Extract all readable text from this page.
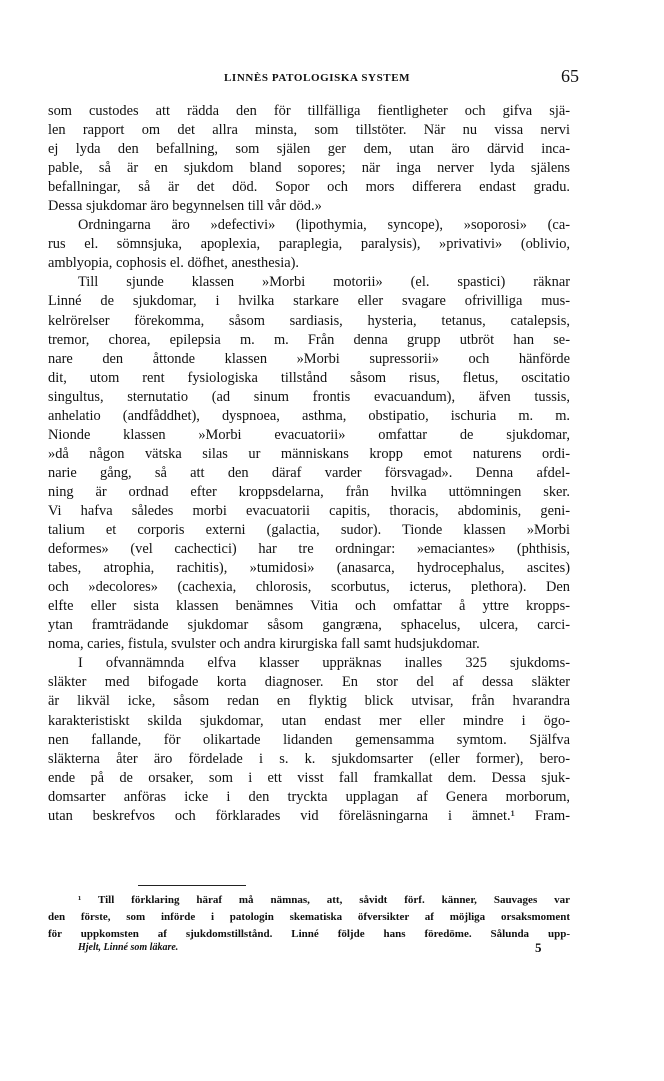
LINNÈS PATOLOGISKA SYSTEM	65
som custodes att rädda den för tillfälliga fientligheter och gifva sjä-
len rapport om det allra minsta, som tillstöter. När nu vissa nervi
ej lyda den befallning, som själen ger dem, utan äro därvid inca-
pable, så är en sjukdom bland sopores; när inga nerver lyda själens
befallningar, så är det död. Sopor och mors differera endast gradu.
Dessa sjukdomar äro begynnelsen till vår död.»
Ordningarna äro »defectivi» (lipothymia, syncope), »soporosi» (ca-
rus el. sömnsjuka, apoplexia, paraplegia, paralysis), »privativi» (oblivio,
amblyopia, cophosis el. döfhet, anesthesia).
Till sjunde klassen »Morbi motorii» (el. spastici) räknar
Linné de sjukdomar, i hvilka starkare eller svagare ofrivilliga mus-
kelrörelser förekomma, såsom sardiasis, hysteria, tetanus, catalepsis,
tremor, chorea, epilepsia m. m. Från denna grupp utbröt han se-
nare den åttonde klassen »Morbi supressorii» och hänförde
dit, utom rent fysiologiska tillstånd såsom risus, fletus, oscitatio
singultus, sternutatio (ad sinum frontis evacuandum), äfven tussis,
anhelatio (andfåddhet), dyspnoea, asthma, obstipatio, ischuria m. m.
Nionde klassen »Morbi evacuatorii» omfattar de sjukdomar,
»då någon vätska silas ur människans kropp emot naturens ordi-
narie gång, så att den däraf varder försvagad». Denna afdel-
ning är ordnad efter kroppsdelarna, från hvilka uttömningen sker.
Vi hafva således morbi evacuatorii capitis, thoracis, abdominis, geni-
talium et corporis externi (galactia, sudor). Tionde klassen »Morbi
deformes» (vel cachectici) har tre ordningar: »emaciantes» (phthisis,
tabes, atrophia, rachitis), »tumidosi» (anasarca, hydrocephalus, ascites)
och »decolores» (cachexia, chlorosis, scorbutus, icterus, plethora). Den
elfte eller sista klassen benämnes Vitia och omfattar å yttre kropps-
ytan framträdande sjukdomar såsom gangræna, sphacelus, ulcera, carci-
noma, caries, fistula, svulster och andra kirurgiska fall samt hudsjukdomar.
I ofvannämnda elfva klasser uppräknas inalles 325 sjukdoms-
släkter med bifogade korta diagnoser. En stor del af dessa släkter
är likväl icke, såsom redan en flyktig blick utvisar, från hvarandra
karakteristiskt skilda sjukdomar, utan endast mer eller mindre i ögo-
nen fallande, för olikartade lidanden gemensamma symtom. Själfva
släkterna åter äro fördelade i s. k. sjukdomsarter (eller former), bero-
ende på de orsaker, som i ett visst fall framkallat dem. Dessa sjuk-
domsarter anföras icke i den tryckta upplagan af Genera morborum,
utan beskrefvos och förklarades vid föreläsningarna i ämnet.¹ Fram-
¹ Till förklaring häraf må nämnas, att, såvidt förf. känner, Sauvages var
den förste, som införde i patologin skematiska öfversikter af möjliga orsaksmoment
för uppkomsten af sjukdomstillstånd. Linné följde hans föredöme. Sålunda upp-
Hjelt, Linné som läkare.	5
